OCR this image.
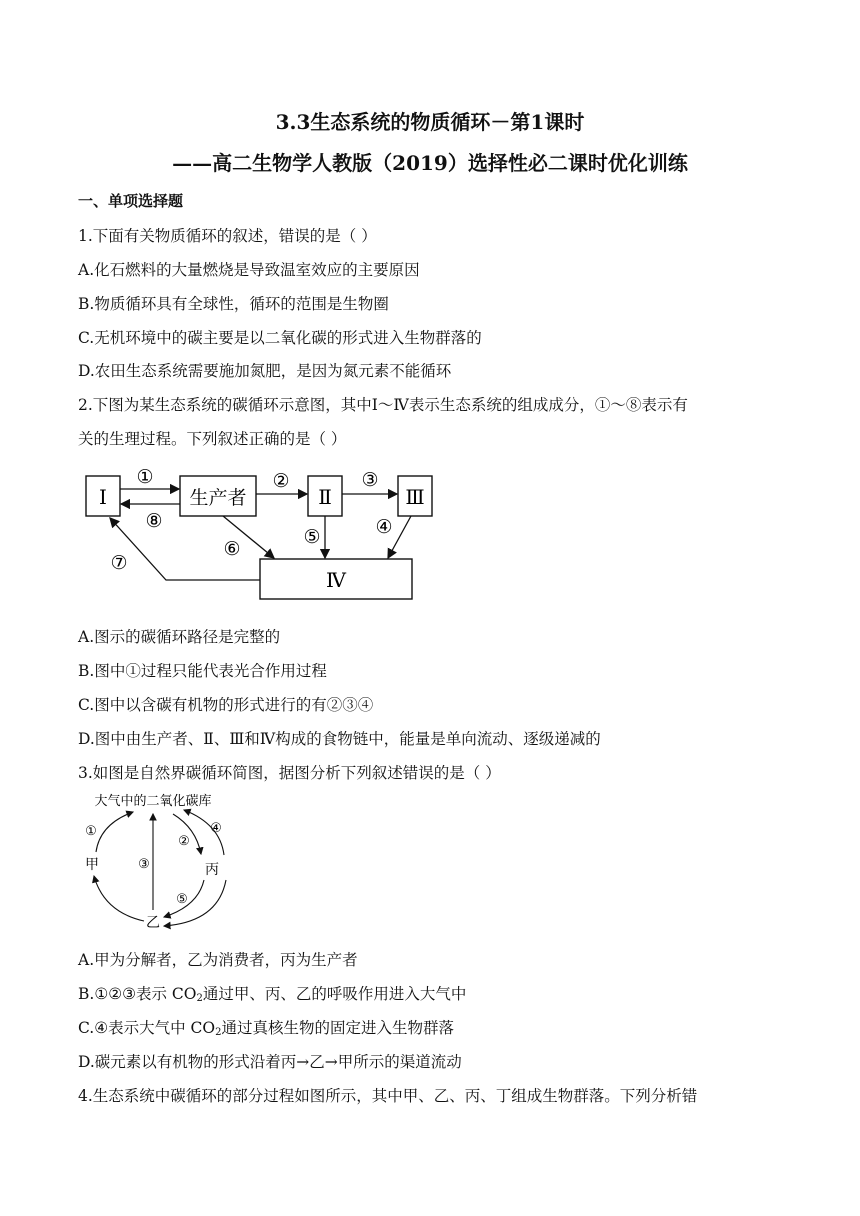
3.3生态系统的物质循环－第1课时
——高二生物学人教版（2019）选择性必二课时优化训练
一、单项选择题
1.下面有关物质循环的叙述，错误的是（ ）
A.化石燃料的大量燃烧是导致温室效应的主要原因
B.物质循环具有全球性，循环的范围是生物圈
C.无机环境中的碳主要是以二氧化碳的形式进入生物群落的
D.农田生态系统需要施加氮肥，是因为氮元素不能循环
2.下图为某生态系统的碳循环示意图，其中Ⅰ～Ⅳ表示生态系统的组成成分，①～⑧表示有
关的生理过程。下列叙述正确的是（ ）
Ⅰ	生产者	Ⅱ	Ⅲ
Ⅳ
①
⑧
②	③
⑤	④
⑥
⑦
A.图示的碳循环路径是完整的
B.图中①过程只能代表光合作用过程
C.图中以含碳有机物的形式进行的有②③④
D.图中由生产者、Ⅱ、Ⅲ和Ⅳ构成的食物链中，能量是单向流动、逐级递减的
3.如图是自然界碳循环简图，据图分析下列叙述错误的是（ ）
大气中的二氧化碳库
甲	丙
乙
①
②
④
③
⑤
A.甲为分解者，乙为消费者，丙为生产者
B.①②③表示 $CO_2$通过甲、丙、乙的呼吸作用进入大气中
C.④表示大气中 $CO_2$通过真核生物的固定进入生物群落
D.碳元素以有机物的形式沿着丙→乙→甲所示的渠道流动
4.生态系统中碳循环的部分过程如图所示，其中甲、乙、丙、丁组成生物群落。下列分析错
